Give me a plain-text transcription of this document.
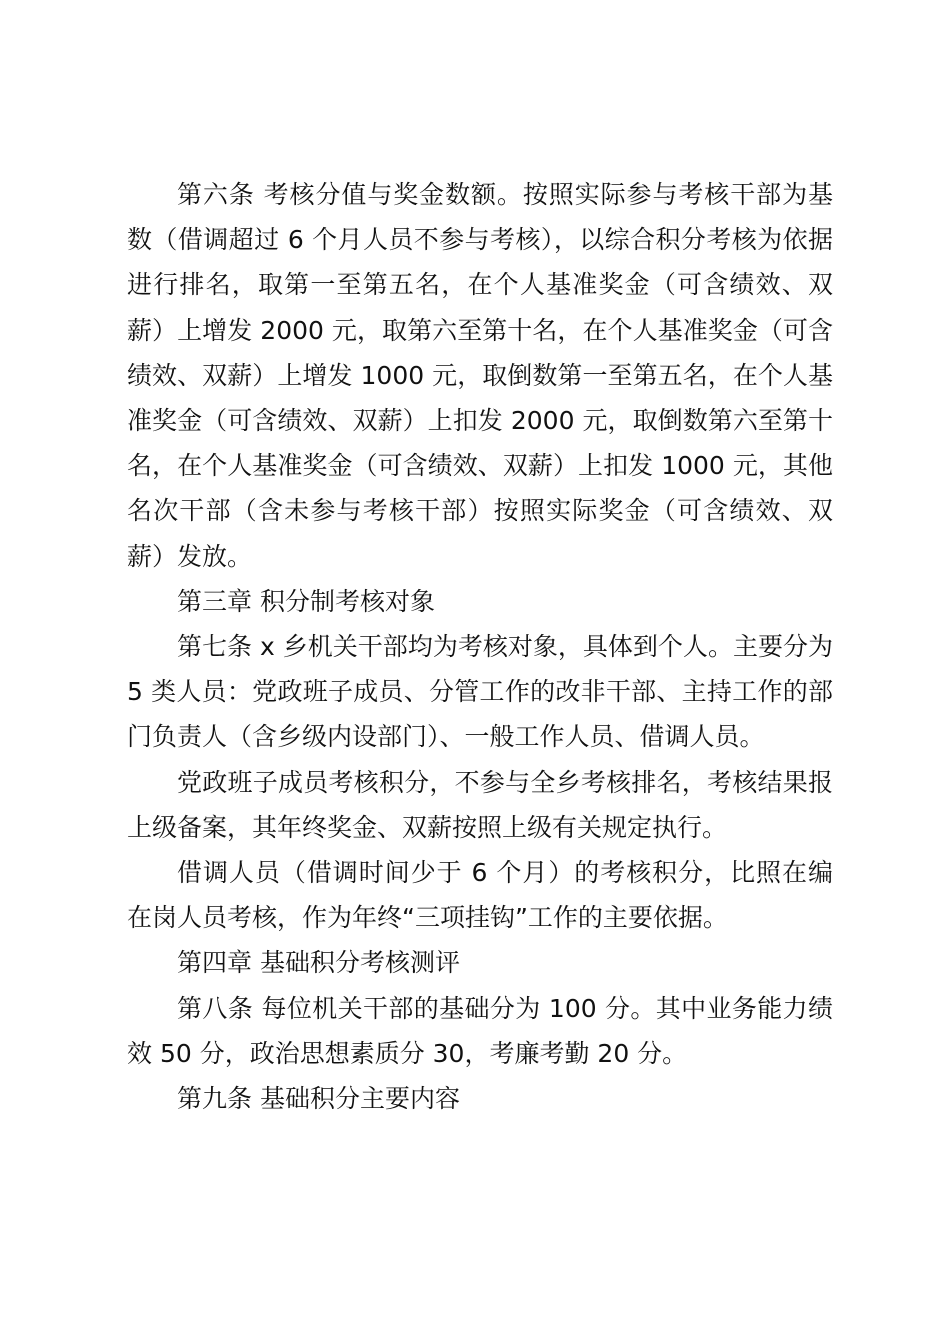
第六条 考核分值与奖金数额。按照实际参与考核干部为基数（借调超过 6 个月人员不参与考核），以综合积分考核为依据进行排名，取第一至第五名，在个人基准奖金（可含绩效、双薪）上增发 2000 元，取第六至第十名，在个人基准奖金（可含绩效、双薪）上增发 1000 元，取倒数第一至第五名，在个人基准奖金（可含绩效、双薪）上扣发 2000 元，取倒数第六至第十名，在个人基准奖金（可含绩效、双薪）上扣发 1000 元，其他名次干部（含未参与考核干部）按照实际奖金（可含绩效、双薪）发放。

第三章 积分制考核对象

第七条 x 乡机关干部均为考核对象，具体到个人。主要分为 5 类人员：党政班子成员、分管工作的改非干部、主持工作的部门负责人（含乡级内设部门）、一般工作人员、借调人员。

党政班子成员考核积分，不参与全乡考核排名，考核结果报上级备案，其年终奖金、双薪按照上级有关规定执行。

借调人员（借调时间少于 6 个月）的考核积分，比照在编在岗人员考核，作为年终“三项挂钩”工作的主要依据。

第四章 基础积分考核测评

第八条 每位机关干部的基础分为 100 分。其中业务能力绩效 50 分，政治思想素质分 30，考廉考勤 20 分。

第九条 基础积分主要内容
